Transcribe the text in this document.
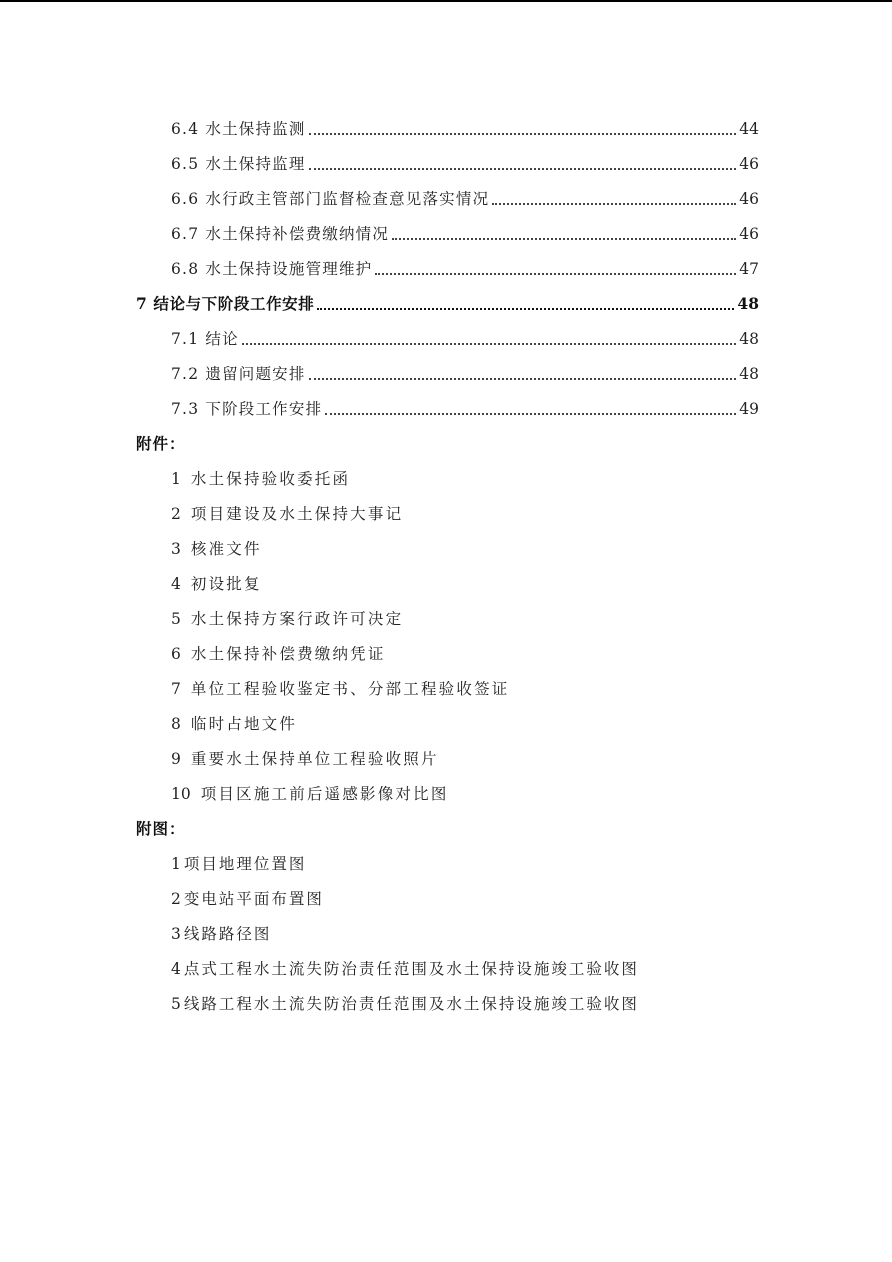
6.4 水土保持监测	44
6.5 水土保持监理	46
6.6 水行政主管部门监督检查意见落实情况	46
6.7 水土保持补偿费缴纳情况	46
6.8 水土保持设施管理维护	47
7 结论与下阶段工作安排	48
7.1 结论	48
7.2 遗留问题安排	48
7.3 下阶段工作安排	49
附件：
1 水土保持验收委托函
2 项目建设及水土保持大事记
3 核准文件
4 初设批复
5 水土保持方案行政许可决定
6 水土保持补偿费缴纳凭证
7 单位工程验收鉴定书、分部工程验收签证
8 临时占地文件
9 重要水土保持单位工程验收照片
10 项目区施工前后遥感影像对比图
附图：
1 项目地理位置图
2 变电站平面布置图
3 线路路径图
4 点式工程水土流失防治责任范围及水土保持设施竣工验收图
5 线路工程水土流失防治责任范围及水土保持设施竣工验收图
